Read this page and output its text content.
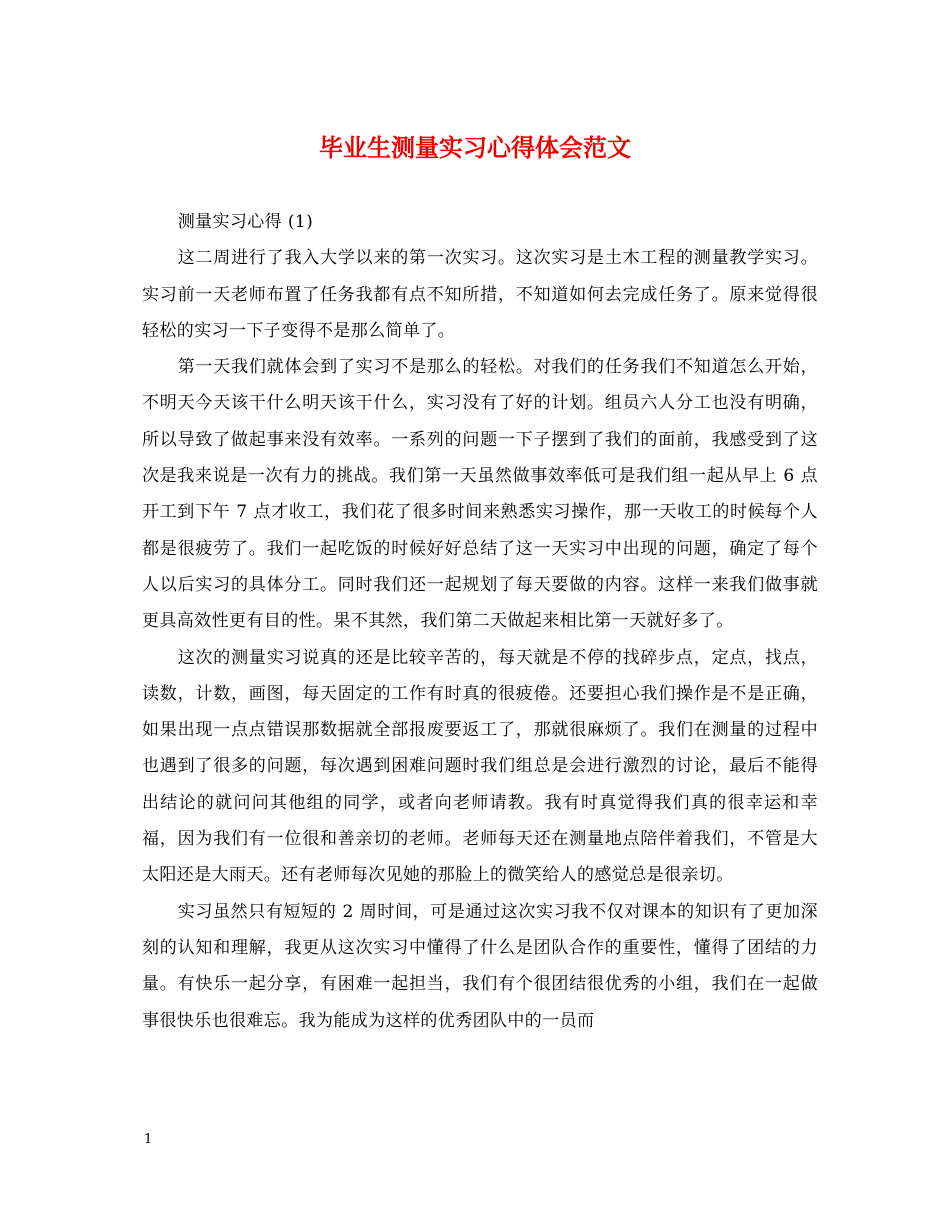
毕业生测量实习心得体会范文

测量实习心得 (1)

这二周进行了我入大学以来的第一次实习。这次实习是土木工程的测量教学实习。实习前一天老师布置了任务我都有点不知所措，不知道如何去完成任务了。原来觉得很轻松的实习一下子变得不是那么简单了。

第一天我们就体会到了实习不是那么的轻松。对我们的任务我们不知道怎么开始，不明天今天该干什么明天该干什么，实习没有了好的计划。组员六人分工也没有明确，所以导致了做起事来没有效率。一系列的问题一下子摆到了我们的面前，我感受到了这次是我来说是一次有力的挑战。我们第一天虽然做事效率低可是我们组一起从早上 6 点开工到下午 7 点才收工，我们花了很多时间来熟悉实习操作，那一天收工的时候每个人都是很疲劳了。我们一起吃饭的时候好好总结了这一天实习中出现的问题，确定了每个人以后实习的具体分工。同时我们还一起规划了每天要做的内容。这样一来我们做事就更具高效性更有目的性。果不其然，我们第二天做起来相比第一天就好多了。

这次的测量实习说真的还是比较辛苦的，每天就是不停的找碎步点，定点，找点，读数，计数，画图，每天固定的工作有时真的很疲倦。还要担心我们操作是不是正确，如果出现一点点错误那数据就全部报废要返工了，那就很麻烦了。我们在测量的过程中也遇到了很多的问题，每次遇到困难问题时我们组总是会进行激烈的讨论，最后不能得出结论的就问问其他组的同学，或者向老师请教。我有时真觉得我们真的很幸运和幸福，因为我们有一位很和善亲切的老师。老师每天还在测量地点陪伴着我们，不管是大太阳还是大雨天。还有老师每次见她的那脸上的微笑给人的感觉总是很亲切。

实习虽然只有短短的 2 周时间，可是通过这次实习我不仅对课本的知识有了更加深刻的认知和理解，我更从这次实习中懂得了什么是团队合作的重要性，懂得了团结的力量。有快乐一起分享，有困难一起担当，我们有个很团结很优秀的小组，我们在一起做事很快乐也很难忘。我为能成为这样的优秀团队中的一员而

1
